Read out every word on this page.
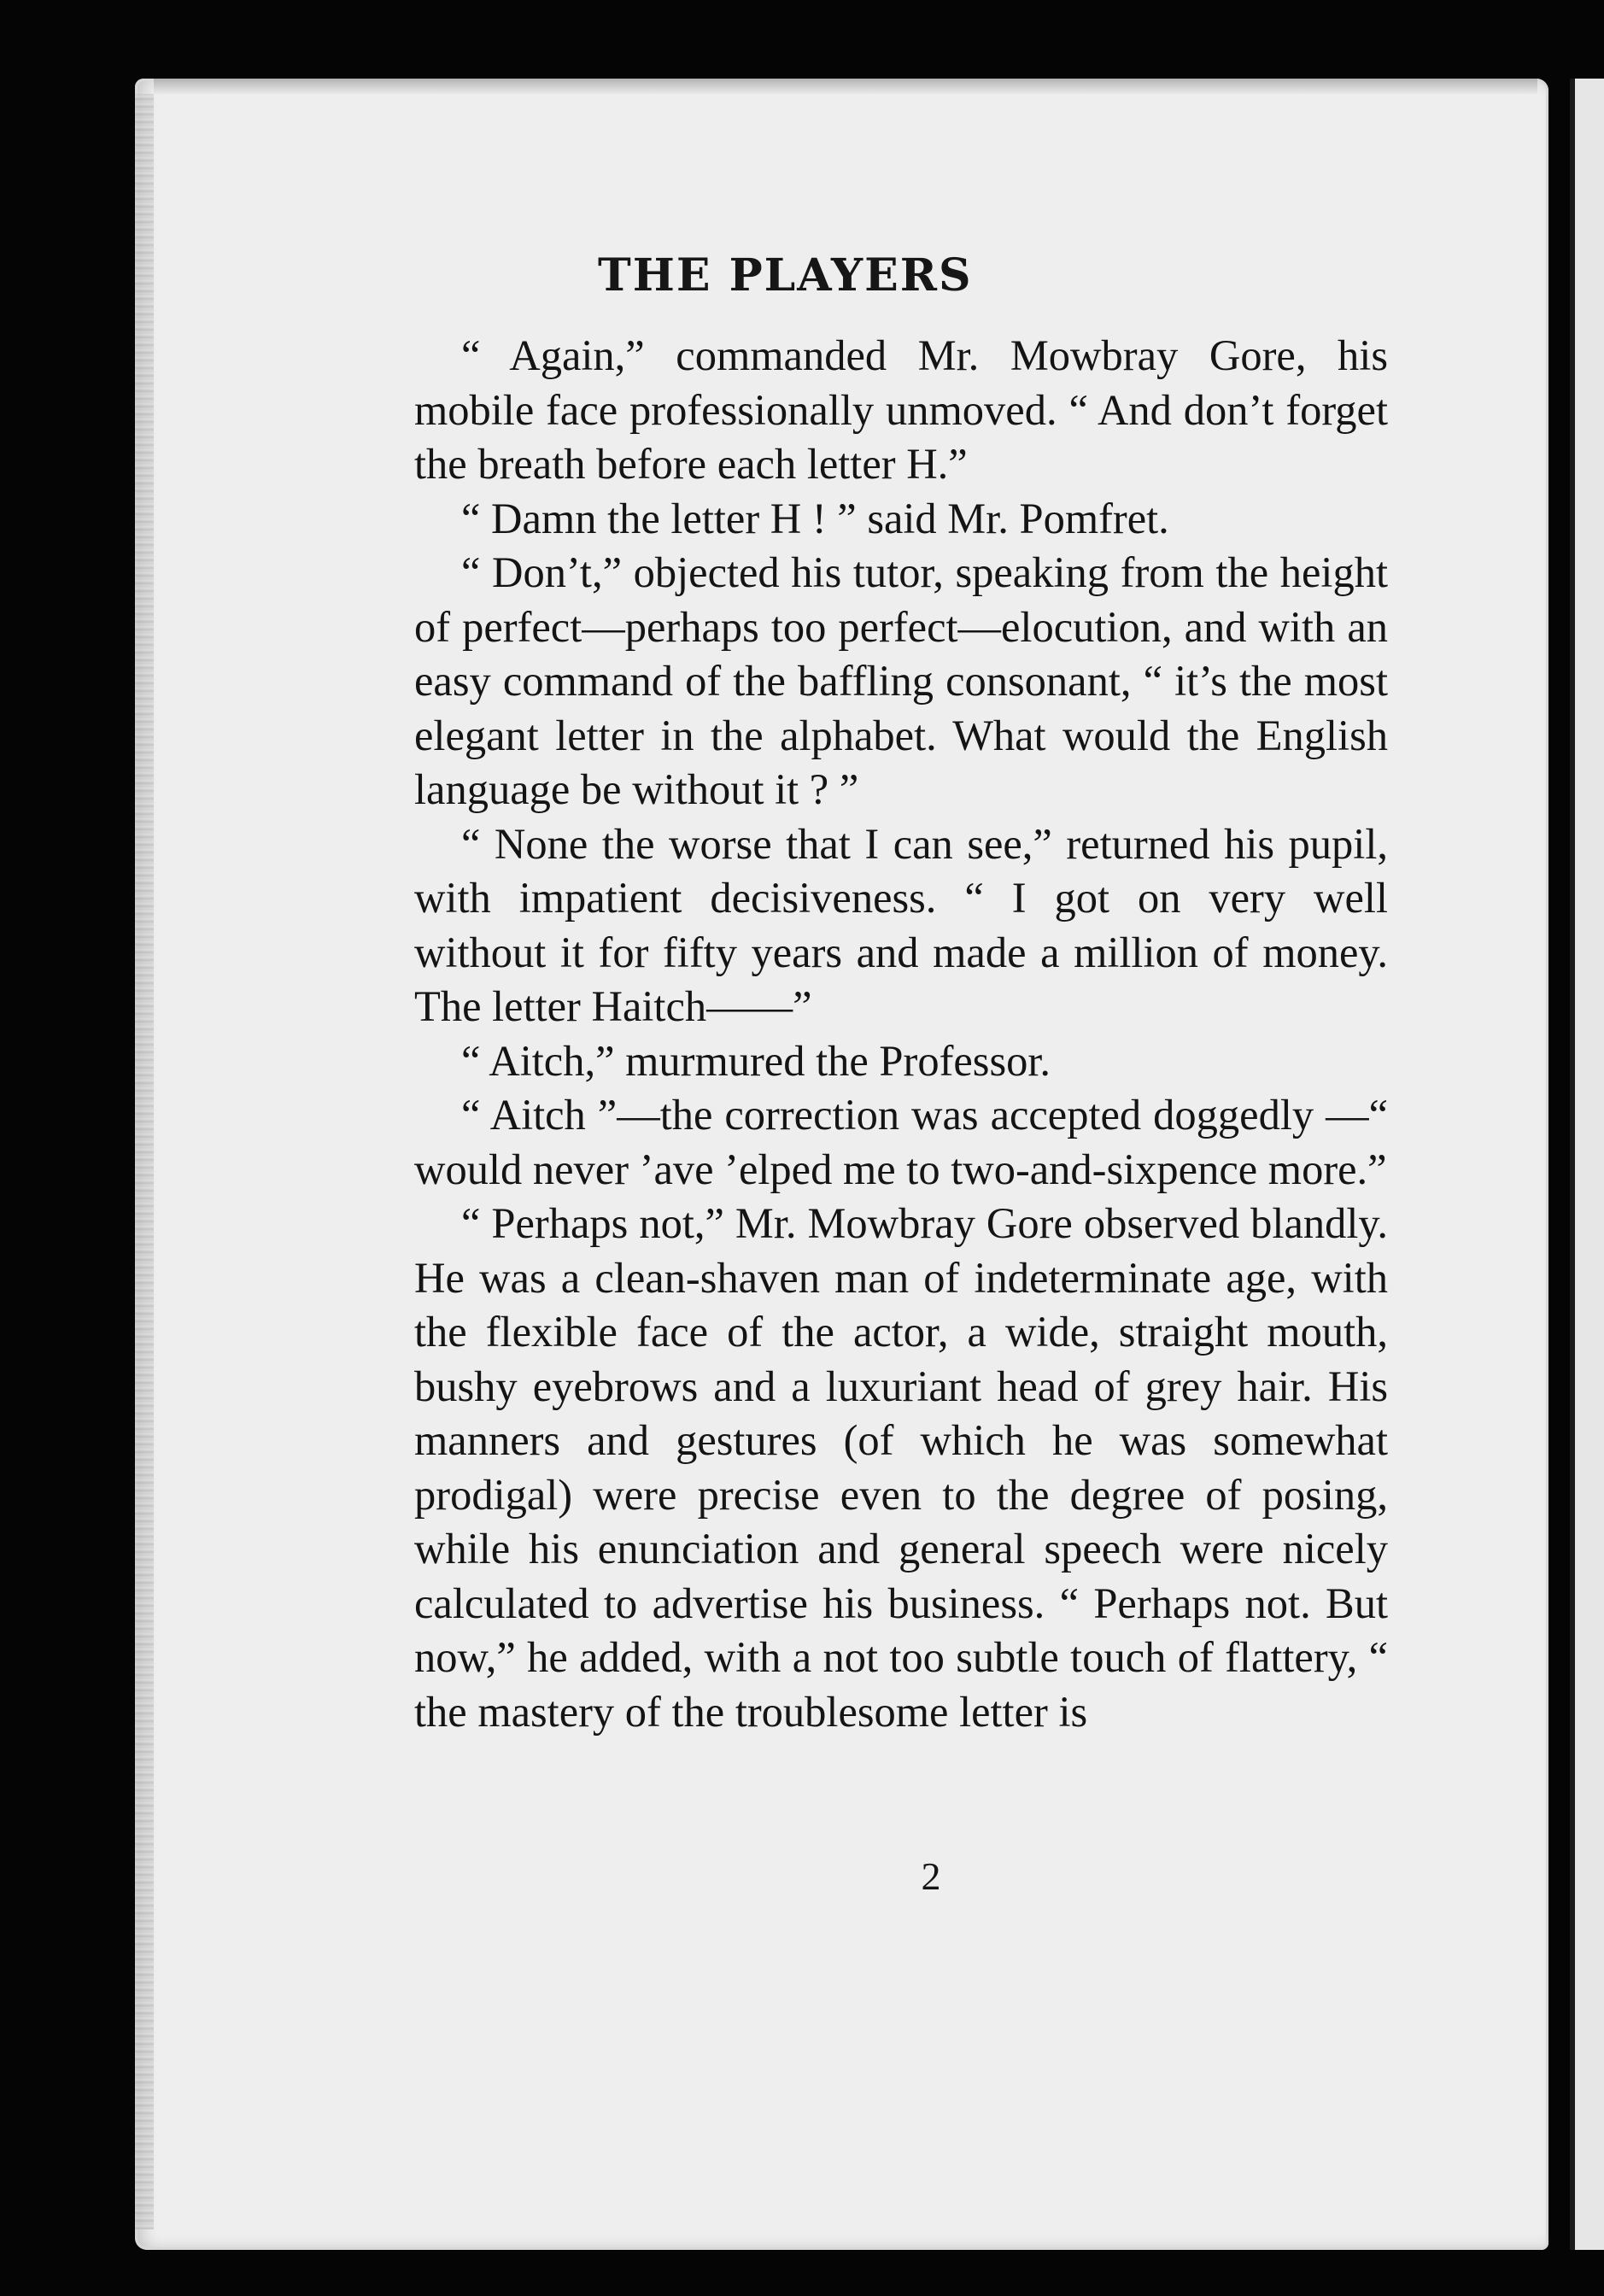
THE PLAYERS

“ Again,” commanded Mr. Mowbray Gore, his mobile face professionally unmoved. “ And don’t forget the breath before each letter H.”

“ Damn the letter H ! ” said Mr. Pomfret.

“ Don’t,” objected his tutor, speaking from the height of perfect—perhaps too perfect—elocution, and with an easy command of the baffling consonant, “ it’s the most elegant letter in the alphabet. What would the English language be without it ? ”

“ None the worse that I can see,” returned his pupil, with impatient decisiveness. “ I got on very well without it for fifty years and made a million of money. The letter Haitch——”

“ Aitch,” murmured the Professor.

“ Aitch ”—the correction was accepted doggedly —“ would never ’ave ’elped me to two-and-sixpence more.”

“ Perhaps not,” Mr. Mowbray Gore observed blandly. He was a clean-shaven man of indeterminate age, with the flexible face of the actor, a wide, straight mouth, bushy eyebrows and a luxuriant head of grey hair. His manners and gestures (of which he was somewhat prodigal) were precise even to the degree of posing, while his enunciation and general speech were nicely calculated to advertise his business. “ Perhaps not. But now,” he added, with a not too subtle touch of flattery, “ the mastery of the troublesome letter is

2
